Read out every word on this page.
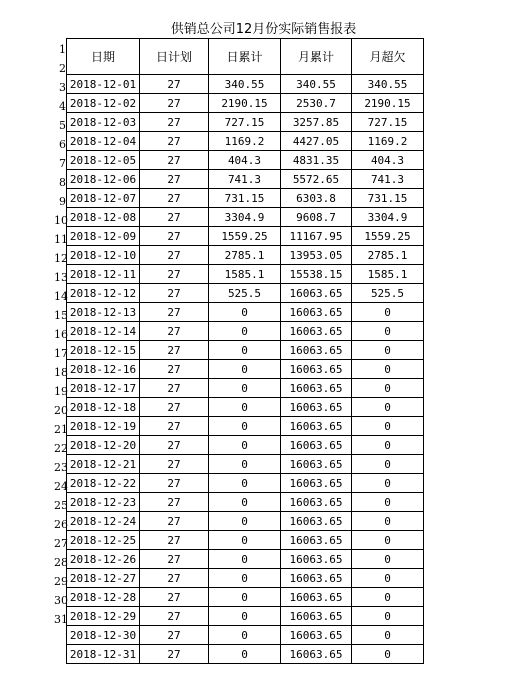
供销总公司12月份实际销售报表
1
2
3
4
5
6
7
8
9
10
11
12
13
14
15
16
17
18
19
20
21
22
23
24
25
26
27
28
29
30
31
日期	日计划	日累计	月累计	月超欠
2018-12-01	27	340.55	340.55	340.55
2018-12-02	27	2190.15	2530.7	2190.15
2018-12-03	27	727.15	3257.85	727.15
2018-12-04	27	1169.2	4427.05	1169.2
2018-12-05	27	404.3	4831.35	404.3
2018-12-06	27	741.3	5572.65	741.3
2018-12-07	27	731.15	6303.8	731.15
2018-12-08	27	3304.9	9608.7	3304.9
2018-12-09	27	1559.25	11167.95	1559.25
2018-12-10	27	2785.1	13953.05	2785.1
2018-12-11	27	1585.1	15538.15	1585.1
2018-12-12	27	525.5	16063.65	525.5
2018-12-13	27	0	16063.65	0
2018-12-14	27	0	16063.65	0
2018-12-15	27	0	16063.65	0
2018-12-16	27	0	16063.65	0
2018-12-17	27	0	16063.65	0
2018-12-18	27	0	16063.65	0
2018-12-19	27	0	16063.65	0
2018-12-20	27	0	16063.65	0
2018-12-21	27	0	16063.65	0
2018-12-22	27	0	16063.65	0
2018-12-23	27	0	16063.65	0
2018-12-24	27	0	16063.65	0
2018-12-25	27	0	16063.65	0
2018-12-26	27	0	16063.65	0
2018-12-27	27	0	16063.65	0
2018-12-28	27	0	16063.65	0
2018-12-29	27	0	16063.65	0
2018-12-30	27	0	16063.65	0
2018-12-31	27	0	16063.65	0
